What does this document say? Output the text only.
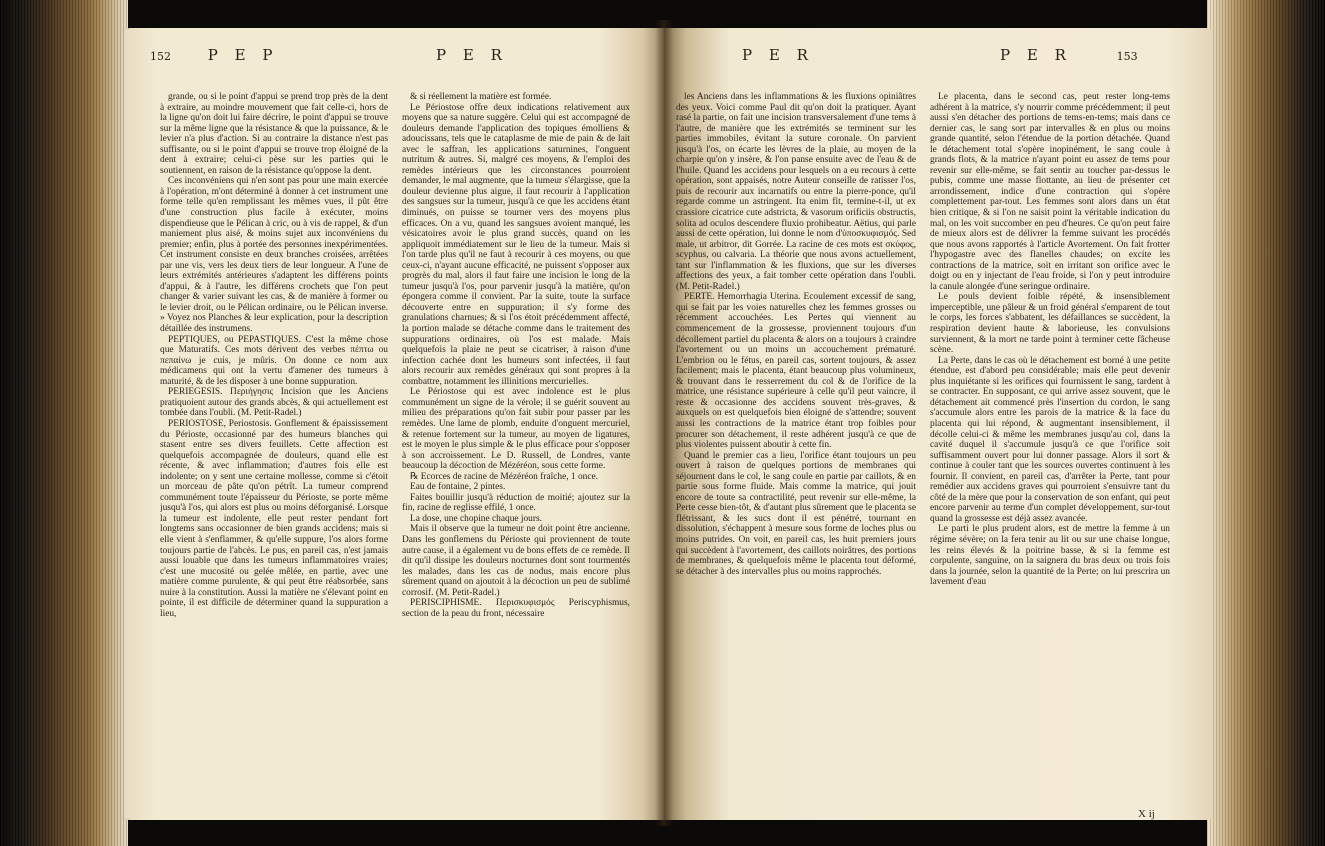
152 P E P	P E R	P E R	P E R	153

grande, ou si le point d'appui se prend trop près de la dent à extraire, au moindre mouvement que fait celle-ci, hors de la ligne qu'on doit lui faire décrire, le point d'appui se trouve sur la même ligne que la résistance & que la puissance, & le levier n'a plus d'action. Si au contraire la distance n'est pas suffisante, ou si le point d'appui se trouve trop éloigné de la dent à extraire; celui-ci pèse sur les parties qui le soutiennent, en raison de la résistance qu'oppose la dent.

Ces inconvéniens qui n'en sont pas pour une main exercée à l'opération, m'ont déterminé à donner à cet instrument une forme telle qu'en remplissant les mêmes vues, il pût être d'une construction plus facile à exécuter, moins dispendieuse que le Pélican à cric, ou à vis de rappel, & d'un maniement plus aisé, & moins sujet aux inconvéniens du premier; enfin, plus à portée des personnes inexpérimentées. Cet instrument consiste en deux branches croisées, arrêtées par une vis, vers les deux tiers de leur longueur. A l'une de leurs extrémités antérieures s'adaptent les différens points d'appui, & à l'autre, les différens crochets que l'on peut changer & varier suivant les cas, & de manière à former ou le levier droit, ou le Pélican ordinaire, ou le Pélican inverse. » Voyez nos Planches & leur explication, pour la description détaillée des instrumens.

PEPTIQUES, ou PEPASTIQUES. C'est la même chose que Maturatifs. Ces mots dérivent des verbes πέπτω ou πεπαίνω je cuis, je mûris. On donne ce nom aux médicamens qui ont la vertu d'amener des tumeurs à maturité, & de les disposer à une bonne suppuration.

PERIEGESIS. Περιήγησις Incision que les Anciens pratiquoient autour des grands abcès, & qui actuellement est tombée dans l'oubli. (M. Petit-Radel.)

PERIOSTOSE, Periostosis. Gonflement & épaississement du Périoste, occasionné par des humeurs blanches qui stasent entre ses divers feuillets. Cette affection est quelquefois accompagnée de douleurs, quand elle est récente, & avec inflammation; d'autres fois elle est indolente; on y sent une certaine mollesse, comme si c'étoit un morceau de pâte qu'on pétrît. La tumeur comprend communément toute l'épaisseur du Périoste, se porte même jusqu'à l'os, qui alors est plus ou moins déforganisé. Lorsque la tumeur est indolente, elle peut rester pendant fort longtems sans occasionner de bien grands accidens; mais si elle vient à s'enflammer, & qu'elle suppure, l'os alors forme toujours partie de l'abcès. Le pus, en pareil cas, n'est jamais aussi louable que dans les tumeurs inflammatoires vraies; c'est une mucosité ou gelée mêlée, en partie, avec une matière comme purulente, & qui peut être réabsorbée, sans nuire à la constitution. Aussi la matière ne s'élevant point en pointe, il est difficile de déterminer quand la suppuration a lieu,

& si réellement la matière est formée.

Le Périostose offre deux indications relativement aux moyens que sa nature suggère. Celui qui est accompagné de douleurs demande l'application des topiques émolliens & adoucissans, tels que le cataplasme de mie de pain & de lait avec le saffran, les applications saturnines, l'onguent nutritum & autres. Si, malgré ces moyens, & l'emploi des remèdes intérieurs que les circonstances pourroient demander, le mal augmente, que la tumeur s'élargisse, que la douleur devienne plus aigue, il faut recourir à l'application des sangsues sur la tumeur, jusqu'à ce que les accidens étant diminués, on puisse se tourner vers des moyens plus efficaces. On a vu, quand les sangsues avoient manqué, les vésicatoires avoir le plus grand succès, quand on les appliquoit immédiatement sur le lieu de la tumeur. Mais si l'on tarde plus qu'il ne faut à recourir à ces moyens, ou que ceux-ci, n'ayant aucune efficacité, ne puissent s'opposer aux progrès du mal, alors il faut faire une incision le long de la tumeur jusqu'à l'os, pour parvenir jusqu'à la matière, qu'on épongera comme il convient. Par la suite, toute la surface découverte entre en suppuration; il s'y forme des granulations charnues; & si l'os étoit précédemment affecté, la portion malade se détache comme dans le traitement des suppurations ordinaires, où l'os est malade. Mais quelquefois la plaie ne peut se cicatriser, à raison d'une infection cachée dont les humeurs sont infectées, il faut alors recourir aux remèdes généraux qui sont propres à la combattre, notamment les illinitions mercurielles.

Le Périostose qui est avec indolence est le plus communément un signe de la vérole; il se guérit souvent au milieu des préparations qu'on fait subir pour passer par les remèdes. Une lame de plomb, enduite d'onguent mercuriel, & retenue fortement sur la tumeur, au moyen de ligatures, est le moyen le plus simple & le plus efficace pour s'opposer à son accroissement. Le D. Russell, de Londres, vante beaucoup la décoction de Mézéréon, sous cette forme.

℞ Ecorces de racine de Mézéréon fraîche, 1 once.

Eau de fontaine, 2 pintes.

Faites bouillir jusqu'à réduction de moitié; ajoutez sur la fin, racine de reglisse effilé, 1 once.

La dose, une chopine chaque jours.

Mais il observe que la tumeur ne doit point être ancienne. Dans les gonflemens du Périoste qui proviennent de toute autre cause, il a également vu de bons effets de ce remède. Il dit qu'il dissipe les douleurs nocturnes dont sont tourmentés les malades, dans les cas de nodus, mais encore plus sûrement quand on ajoutoit à la décoction un peu de sublimé corrosif. (M. Petit-Radel.)

PERISCIPHISME. Περισκυφισμός Periscyphismus, section de la peau du front, nécessaire

les Anciens dans les inflammations & les fluxions opiniâtres des yeux. Voici comme Paul dit qu'on doit la pratiquer. Ayant rasé la partie, on fait une incision transversalement d'une tems à l'autre, de manière que les extrémités se terminent sur les parties immobiles, évitant la suture coronale. On parvient jusqu'à l'os, on écarte les lèvres de la plaie, au moyen de la charpie qu'on y insère, & l'on panse ensuite avec de l'eau & de l'huile. Quand les accidens pour lesquels on a eu recours à cette opération, sont appaisés, notre Auteur conseille de ratisser l'os, puis de recourir aux incarnatifs ou entre la pierre-ponce, qu'il regarde comme un astringent. Ita enim fit, termine-t-il, ut ex crassiore cicatrice cute adstricta, & vasorum orificiis obstructis, solita ad oculos descendere fluxio prohibeatur. Aëtius, qui parle aussi de cette opération, lui donne le nom d'ὑποσκυφισμός. Sed male, ut arbitror, dit Gorrée. La racine de ces mots est σκύφος, scyphus, ou calvaria. La théorie que nous avons actuellement, tant sur l'inflammation & les fluxions, que sur les diverses affections des yeux, a fait tomber cette opération dans l'oubli. (M. Petit-Radel.)

PERTE. Hemorrhagia Uterina. Ecoulement excessif de sang, qui se fait par les voies naturelles chez les femmes grosses ou récemment accouchées. Les Pertes qui viennent au commencement de la grossesse, proviennent toujours d'un décollement partiel du placenta & alors on a toujours à craindre l'avortement ou un moins un accouchement prématuré. L'embrion ou le fétus, en pareil cas, sortent toujours, & assez facilement; mais le placenta, étant beaucoup plus volumineux, & trouvant dans le resserrement du col & de l'orifice de la matrice, une résistance supérieure à celle qu'il peut vaincre, il reste & occasionne des accidens souvent très-graves, & auxquels on est quelquefois bien éloigné de s'attendre; souvent aussi les contractions de la matrice étant trop foibles pour procurer son détachement, il reste adhérent jusqu'à ce que de plus violentes puissent aboutir à cette fin.

Quand le premier cas a lieu, l'orifice étant toujours un peu ouvert à raison de quelques portions de membranes qui séjournent dans le col, le sang coule en partie par caillots, & en partie sous forme fluide. Mais comme la matrice, qui jouit encore de toute sa contractilité, peut revenir sur elle-même, la Perte cesse bien-tôt, & d'autant plus sûrement que le placenta se flétrissant, & les sucs dont il est pénétré, tournant en dissolution, s'échappent à mesure sous forme de loches plus ou moins putrides. On voit, en pareil cas, les huit premiers jours qui succèdent à l'avortement, des caillots noirâtres, des portions de membranes, & quelquefois même le placenta tout déformé, se détacher à des intervalles plus ou moins rapprochés.

Le placenta, dans le second cas, peut rester long-tems adhérent à la matrice, s'y nourrir comme précédemment; il peut aussi s'en détacher des portions de tems-en-tems; mais dans ce dernier cas, le sang sort par intervalles & en plus ou moins grande quantité, selon l'étendue de la portion détachée. Quand le détachement total s'opère inopinément, le sang coule à grands flots, & la matrice n'ayant point eu assez de tems pour revenir sur elle-même, se fait sentir au toucher par-dessus le pubis, comme une masse flottante, au lieu de présenter cet arrondissement, indice d'une contraction qui s'opère complettement par-tout. Les femmes sont alors dans un état bien critique, & si l'on ne saisit point la véritable indication du mal, on les voit succomber en peu d'heures. Ce qu'on peut faire de mieux alors est de délivrer la femme suivant les procédés que nous avons rapportés à l'article Avortement. On fait frotter l'hypogastre avec des flanelles chaudes; on excite les contractions de la matrice, soit en irritant son orifice avec le doigt ou en y injectant de l'eau froide, si l'on y peut introduire la canule alongée d'une seringue ordinaire.

Le pouls devient foible répété, & insensiblement imperceptible, une pâleur & un froid général s'emparent de tout le corps, les forces s'abbatent, les défaillances se succèdent, la respiration devient haute & laborieuse, les convulsions surviennent, & la mort ne tarde point à terminer cette fâcheuse scène.

La Perte, dans le cas où le détachement est borné à une petite étendue, est d'abord peu considérable; mais elle peut devenir plus inquiétante si les orifices qui fournissent le sang, tardent à se contracter. En supposant, ce qui arrive assez souvent, que le détachement ait commencé près l'insertion du cordon, le sang s'accumule alors entre les parois de la matrice & la face du placenta qui lui répond, & augmentant insensiblement, il décolle celui-ci & même les membranes jusqu'au col, dans la cavité duquel il s'accumule jusqu'à ce que l'orifice soit suffisamment ouvert pour lui donner passage. Alors il sort & continue à couler tant que les sources ouvertes continuent à les fournir. Il convient, en pareil cas, d'arrêter la Perte, tant pour remédier aux accidens graves qui pourroient s'ensuivre tant du côté de la mère que pour la conservation de son enfant, qui peut encore parvenir au terme d'un complet développement, sur-tout quand la grossesse est déjà assez avancée.

Le parti le plus prudent alors, est de mettre la femme à un régime sévère; on la fera tenir au lit ou sur une chaise longue, les reins élevés & la poitrine basse, & si la femme est corpulente, sanguine, on la saignera du bras deux ou trois fois dans la journée, selon la quantité de la Perte; on lui prescrira un lavement d'eau

X ij
